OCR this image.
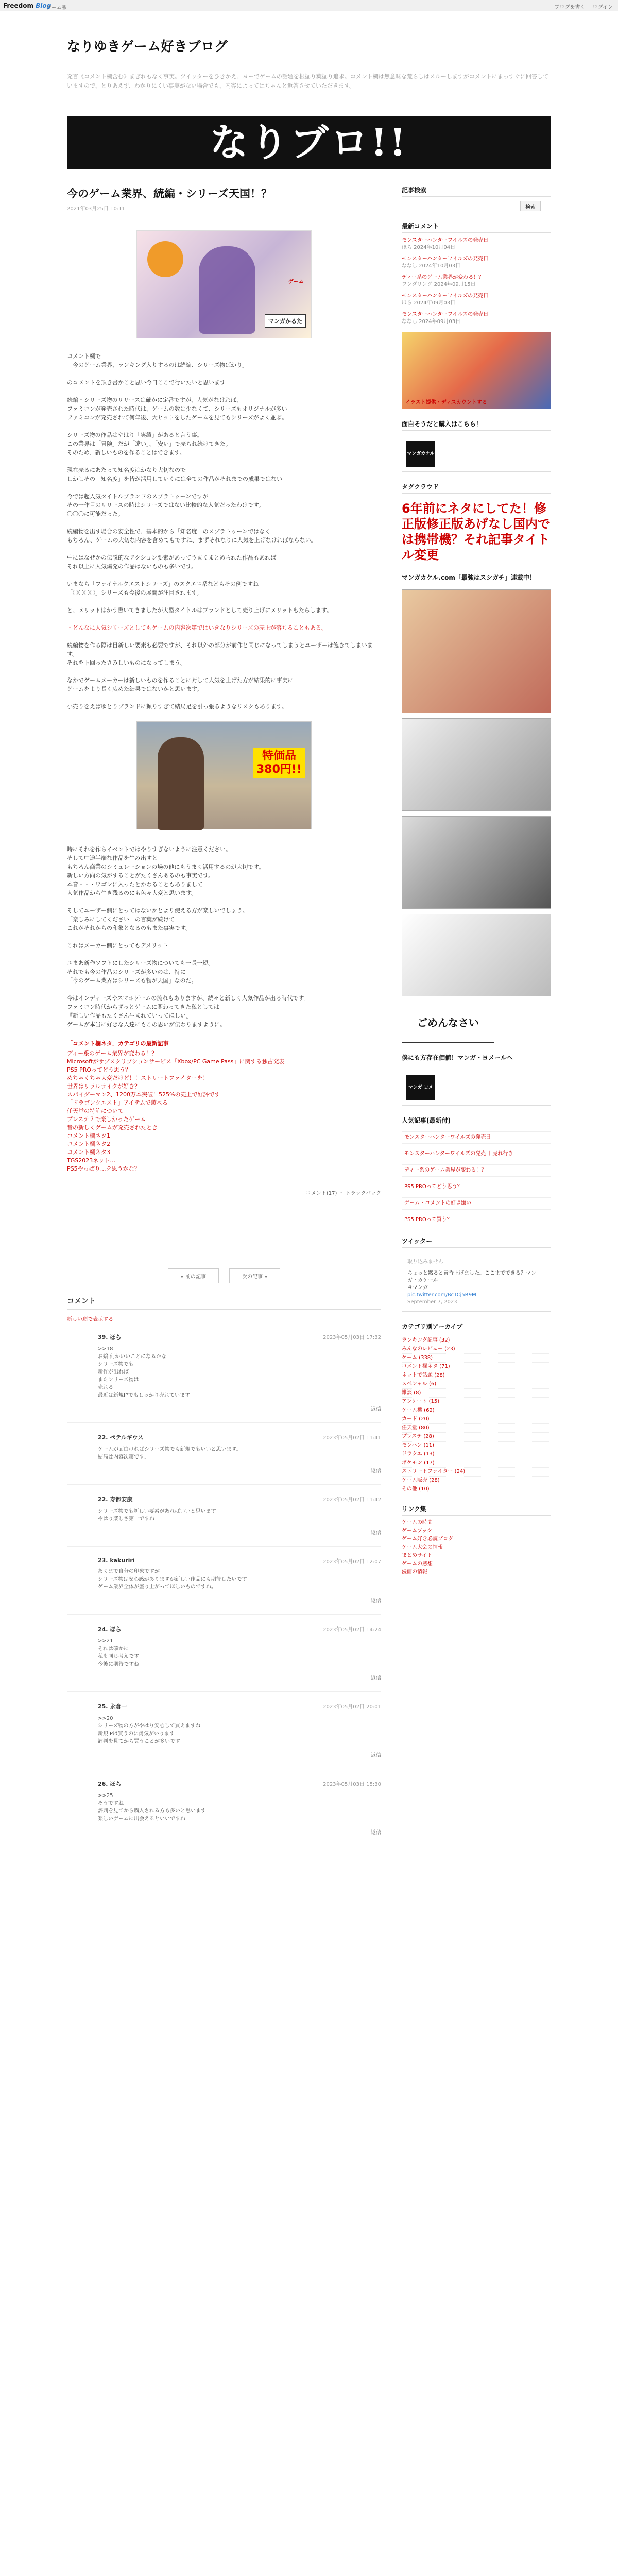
Freedom Blog
ゲーム系	ブログを書く ログイン
なりゆきゲーム好きブログ
発言《コメント欄含む》まぎれもなく事実。ツイッターをひきかえ、ヨーでゲームの話題を根掘り葉掘り追求。コメント欄は無意味な荒らしはスルーしますがコメントにまっすぐに回答していますので、とりあえず、わかりにくい事実がない場合でも、内容によってはちゃんと返答させていただきます。
なりブロ!!
今のゲーム業界、続編・シリーズ天国！？
2021年03月25日 10:11
ゲーム
マンガかるた
コメント欄で
「今のゲーム業界、ランキング入りするのは続編、シリーズ物ばかり」
のコメントを頂き書かこと思い今日ここで行いたいと思います
続編・シリーズ物のリリースは確かに定番ですが、人気がなければ、
ファミコンが発売された時代は、ゲームの数は少なくて、シリーズもオリジナルが多い
ファミコンが発売されて何年後、大ヒットをしたゲームを見てもシリーズがよく並ぶ。
シリーズ物の作品はやはり「実績」があると言う事。
この業界は「冒険」だが「違い」、「安い」で売られ続けてきた。
そのため、新しいものを作ることはできます。
現在売るにあたって知名度はかなり大切なので
しかしその「知名度」を皆が活用していくには全ての作品がそれまでの成果ではない
今では超人気タイトルブランドのスプラトゥーンですが
その一作目のリリースの時はシリーズではない比較的な人気だったわけです。
〇〇〇に可能だった。
続編物を出す場合の安全性で、基本的から「知名度」のスプラトゥーンではなく
もちろん、ゲームの大切な内容を含めてもですね、まずそれなりに人気を上げなければならない。
中にはなぜかの伝説的なアクション要素があってうまくまとめられた作品もあれば
それ以上に人気爆発の作品はないものも多いです。
いまなら「ファイナルクエストシリーズ」のスクエニ系などもその例ですね
「〇〇〇〇」シリーズも今後の展開が注目されます。
と、メリットはかう書いてきましたが大型タイトルはブランドとして売り上げにメリットもたらします。
・どんなに人気シリーズとしてもゲームの内容次第ではいきなりシリーズの売上が落ちることもある。
続編物を作る際は目新しい要素も必要ですが、それ以外の部分が前作と同じになってしまうとユーザーは飽きてしまいます。
それを下回ったさみしいものになってしまう。
なかでゲームメーカーは新しいものを作ることに対して人気を上げた方が結果的に事実に
ゲームをより長く広めた結果ではないかと思います。
小売りをえばゆとりブランドに頼りすぎて結局足を引っ張るようなリスクもあります。
特価品
380円!!
時にそれを作らイベントではやりすぎないように注意ください。
そして中途半端な作品を生み出すと
もちろん商業のシミュレーションの場の他にもうまく活用するのが大切です。
新しい方向の気がすることがたくさんあるのも事実です。
本音・・・ワゴンに入ったとかわることもありまして
人気作品から生き残るのにも色々大変と思います。
そしてユーザー側にとってはないかとより使える方が楽しいでしょう。
「楽しみにしてください」の言葉が続けて
これがそれからの印象となるのもまた事実です。
これはメーカー側にとってもデメリット
ユまあ新作ソフトにしたシリーズ物についても一長一短。
それでも今の作品のシリーズが多いのは、特に
「今のゲーム業界はシリーズも物が天国」なのだ。
今はインディーズやスマホゲームの流れもありますが、続々と新しく人気作品が出る時代です。
ファミコン時代からずっとゲームに関わってきた私としては
『新しい作品もたくさん生まれていってほしい』
ゲームが本当に好きな人達にもこの思いが伝わりますように。
「コメント欄ネタ」カテゴリの最新記事
ディー系のゲーム業界が変わる！？
Microsoftがサブスクリプションサービス「Xbox/PC Game Pass」に関する独占発表
PS5 PROってどう思う？
めちゃくちゃ大変だけど！！ストリートファイターを！
世界はリラルライクが好き？
スパイダーマン2、1200万本突破！525%の売上で好評です
「ドラゴンクエスト」アイテムで遊べる
任天堂の特許について
プレステ２で楽しかったゲーム
昔の新しくゲームが発売されたとき
コメント欄ネタ1
コメント欄ネタ2
コメント欄ネタ3
TGS2023ネット…
PS5やっぱり…を思うかな？
コメント(17) ・ トラックバック
« 前の記事	次の記事 »
コメント
新しい順で表示する
39. ほら	2023年05月03日 17:32
>>18
お嬢 何かいいことになるかな
シリーズ物でも
新作が出れば
またシリーズ物は
売れる
最近は新規IPでもしっかり売れています
返信
22. ペテルギウス	2023年05月02日 11:41
ゲームが面白ければシリーズ物でも新規でもいいと思います。
結局は内容次第です。
返信
22. 寿都安康	2023年05月02日 11:42
シリーズ物でも新しい要素があればいいと思います
やはり楽しさ第一ですね
返信
23. kakuriri	2023年05月02日 12:07
あくまで自分の印象ですが
シリーズ物は安心感がありますが新しい作品にも期待したいです。
ゲーム業界全体が盛り上がってほしいものですね。
返信
24. ほら	2023年05月02日 14:24
>>21
それは確かに
私も同じ考えです
今後に期待ですね
返信
25. 永倉一	2023年05月02日 20:01
>>20
シリーズ物の方がやはり安心して買えますね
新規IPは買うのに勇気がいります
評判を見てから買うことが多いです
返信
26. ほら	2023年05月03日 15:30
>>25
そうですね
評判を見てから購入される方も多いと思います
楽しいゲームに出会えるといいですね
返信
記事検索
検索
最新コメント
モンスターハンターワイルズの発売日
ほら 2024年10月04日
モンスターハンターワイルズの発売日
ななし 2024年10月03日
ディー系のゲーム業界が変わる！？
ワンダリング 2024年09月15日
モンスターハンターワイルズの発売日
ほら 2024年09月03日
モンスターハンターワイルズの発売日
ななし 2024年09月03日
イラスト提供・ディスカウントする
面白そうだと購入はこちら！
マンガカケル
タグクラウド
6年前にネタにしてた！修正版修正版あげなし国内では携帯機？それ記事タイトル変更
マンガカケル.com「最強はスシガチ」連載中！
ごめんなさい
僕にも方存在価値！マンガ・ヨメールへ
マンガ ヨメル
人気記事(最新付)
モンスターハンターワイルズの発売日
モンスターハンターワイルズの発売日 売れ行き
ディー系のゲーム業界が変わる！？
PS5 PROってどう思う？
ゲーム・コメントの好き嫌い
PS5 PROって買う？
ツイッター
取り込みません
ちょっと黙ると黄昏上げました。ここまでできる？マンガ・カケール
＃マンガ
pic.twitter.com/BcTCj5R9M
September 7, 2023
カテゴリ別アーカイブ
ランキング記事 (32)
みんなのレビュー (23)
ゲーム (338)
コメント欄ネタ (71)
ネットで話題 (28)
スペシャル (6)
雑談 (8)
アンケート (15)
ゲーム機 (62)
カード (20)
任天堂 (80)
プレステ (28)
モンハン (11)
ドラクエ (13)
ポケモン (17)
ストリートファイター (24)
ゲーム販売 (28)
その他 (10)
リンク集
ゲームの時間
ゲームブック
ゲーム好き必読ブログ
ゲーム大会の情報
まとめサイト
ゲームの感想
漫画の情報
